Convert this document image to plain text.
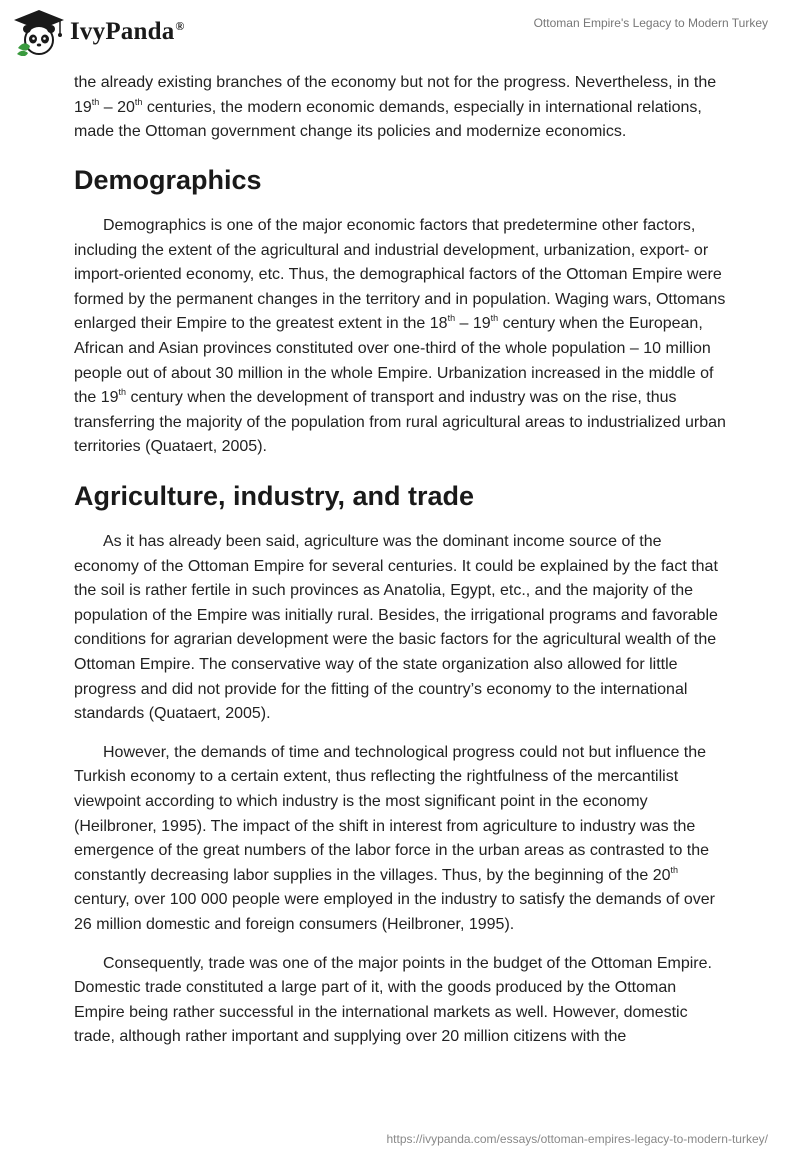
IvyPanda®	Ottoman Empire's Legacy to Modern Turkey

the already existing branches of the economy but not for the progress. Nevertheless, in the 19th – 20th centuries, the modern economic demands, especially in international relations, made the Ottoman government change its policies and modernize economics.

Demographics

Demographics is one of the major economic factors that predetermine other factors, including the extent of the agricultural and industrial development, urbanization, export- or import-oriented economy, etc. Thus, the demographical factors of the Ottoman Empire were formed by the permanent changes in the territory and in population. Waging wars, Ottomans enlarged their Empire to the greatest extent in the 18th – 19th century when the European, African and Asian provinces constituted over one-third of the whole population – 10 million people out of about 30 million in the whole Empire. Urbanization increased in the middle of the 19th century when the development of transport and industry was on the rise, thus transferring the majority of the population from rural agricultural areas to industrialized urban territories (Quataert, 2005).

Agriculture, industry, and trade

As it has already been said, agriculture was the dominant income source of the economy of the Ottoman Empire for several centuries. It could be explained by the fact that the soil is rather fertile in such provinces as Anatolia, Egypt, etc., and the majority of the population of the Empire was initially rural. Besides, the irrigational programs and favorable conditions for agrarian development were the basic factors for the agricultural wealth of the Ottoman Empire. The conservative way of the state organization also allowed for little progress and did not provide for the fitting of the country’s economy to the international standards (Quataert, 2005).

However, the demands of time and technological progress could not but influence the Turkish economy to a certain extent, thus reflecting the rightfulness of the mercantilist viewpoint according to which industry is the most significant point in the economy (Heilbroner, 1995). The impact of the shift in interest from agriculture to industry was the emergence of the great numbers of the labor force in the urban areas as contrasted to the constantly decreasing labor supplies in the villages. Thus, by the beginning of the 20th century, over 100 000 people were employed in the industry to satisfy the demands of over 26 million domestic and foreign consumers (Heilbroner, 1995).

Consequently, trade was one of the major points in the budget of the Ottoman Empire. Domestic trade constituted a large part of it, with the goods produced by the Ottoman Empire being rather successful in the international markets as well. However, domestic trade, although rather important and supplying over 20 million citizens with the

https://ivypanda.com/essays/ottoman-empires-legacy-to-modern-turkey/
